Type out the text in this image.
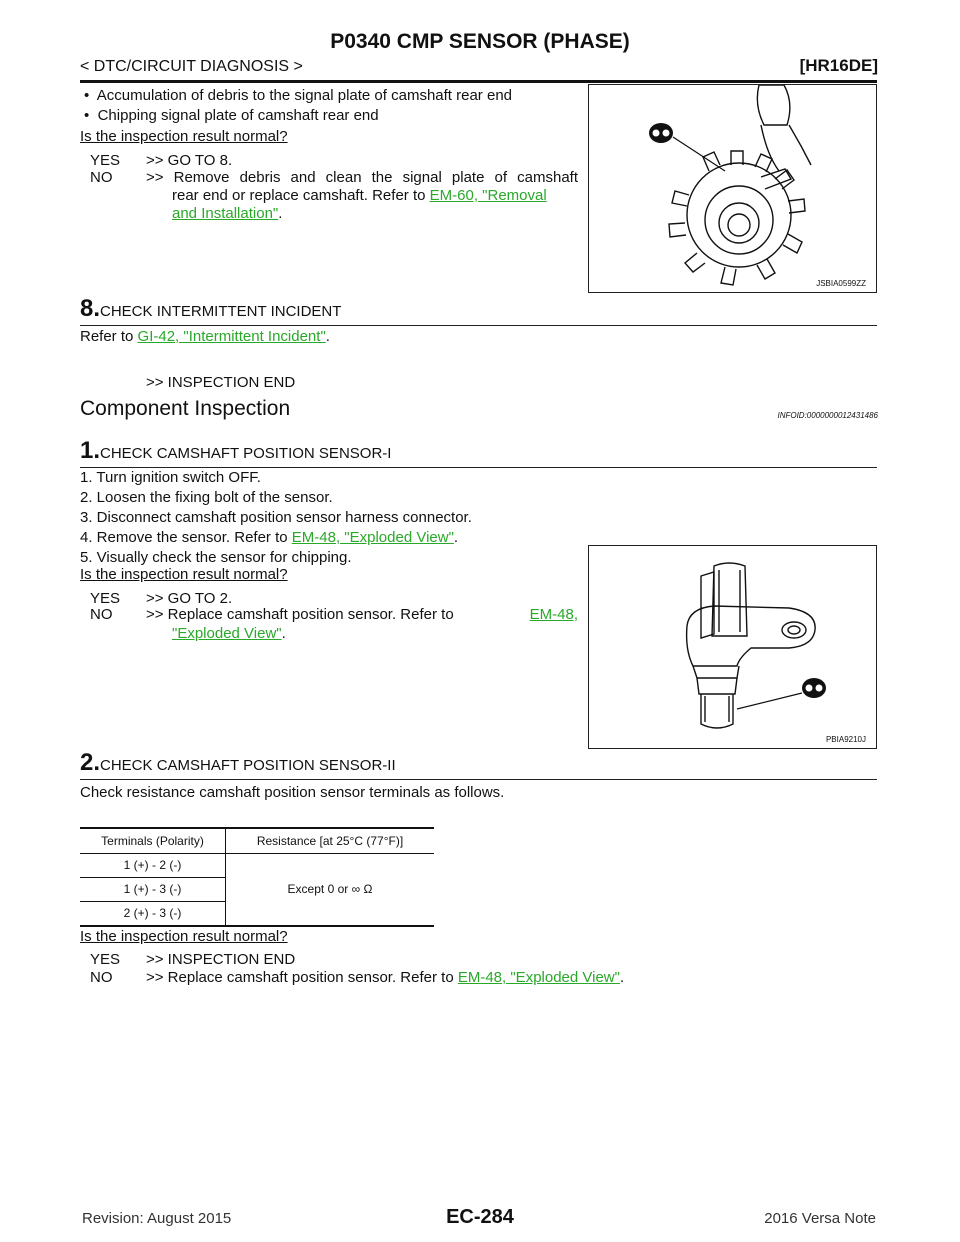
P0340 CMP SENSOR (PHASE)
< DTC/CIRCUIT DIAGNOSIS >	[HR16DE]
•  Accumulation of debris to the signal plate of camshaft rear end
•  Chipping signal plate of camshaft rear end
Is the inspection result normal?
YES >> GO TO 8.
NO >> Remove debris and clean the signal plate of camshaft
rear end or replace camshaft. Refer to EM-60, "Removal
and Installation".
JSBIA0599ZZ
8.CHECK INTERMITTENT INCIDENT
Refer to GI-42, "Intermittent Incident".
>> INSPECTION END
Component Inspection	INFOID:0000000012431486
1.CHECK CAMSHAFT POSITION SENSOR-I
1. Turn ignition switch OFF.
2. Loosen the fixing bolt of the sensor.
3. Disconnect camshaft position sensor harness connector.
4. Remove the sensor. Refer to EM-48, "Exploded View".
5. Visually check the sensor for chipping.
Is the inspection result normal?
YES >> GO TO 2.
NO >> Replace camshaft position sensor. Refer to	EM-48,
"Exploded View".
PBIA9210J
2.CHECK CAMSHAFT POSITION SENSOR-II
Check resistance camshaft position sensor terminals as follows.
Terminals (Polarity)	Resistance [at 25°C (77°F)]
1 (+) - 2 (-)	Except 0 or ∞ Ω
1 (+) - 3 (-)	
2 (+) - 3 (-)	
Is the inspection result normal?
YES >> INSPECTION END
NO >> Replace camshaft position sensor. Refer to EM-48, "Exploded View".
Revision: August 2015	EC-284	2016 Versa Note
